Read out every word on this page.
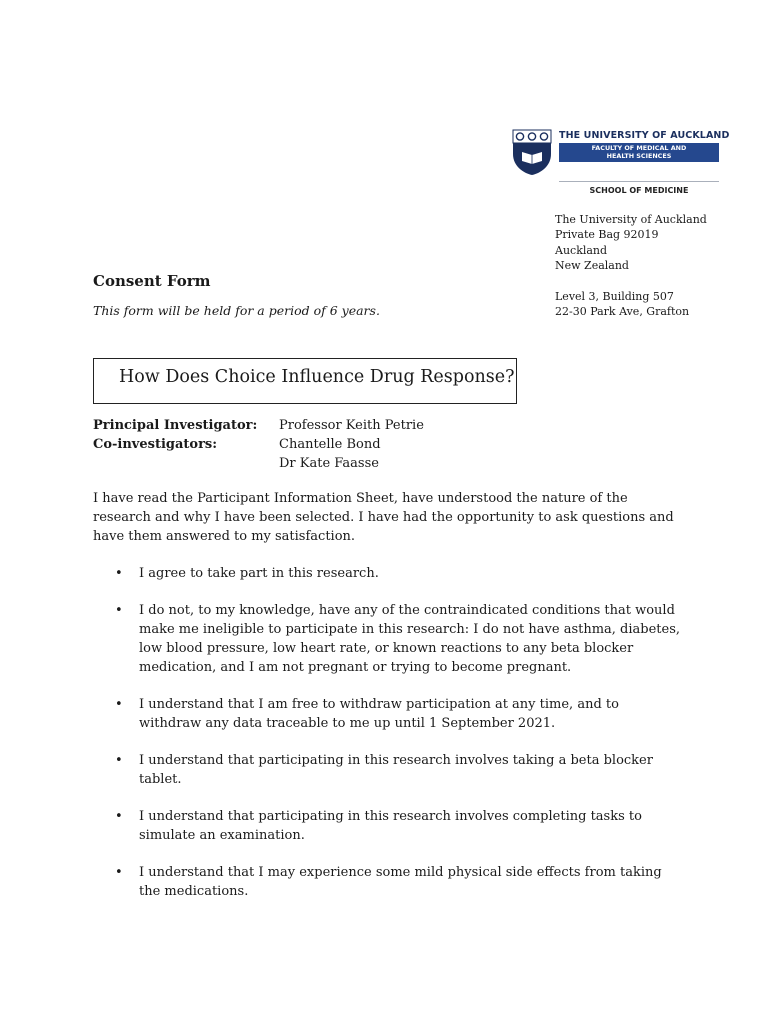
THE UNIVERSITY OF AUCKLAND
FACULTY OF MEDICAL AND
HEALTH SCIENCES
SCHOOL OF MEDICINE
The University of Auckland
Private Bag 92019
Auckland
New Zealand
Level 3, Building 507
22-30 Park Ave, Grafton
Consent Form
This form will be held for a period of 6 years.
How Does Choice Influence Drug Response?
Principal Investigator:	Professor Keith Petrie
Co-investigators:	Chantelle Bond
Dr Kate Faasse
I have read the Participant Information Sheet, have understood the nature of the research and why I have been selected. I have had the opportunity to ask questions and have them answered to my satisfaction.
• I agree to take part in this research.
• I do not, to my knowledge, have any of the contraindicated conditions that would make me ineligible to participate in this research: I do not have asthma, diabetes, low blood pressure, low heart rate, or known reactions to any beta blocker medication, and I am not pregnant or trying to become pregnant.
• I understand that I am free to withdraw participation at any time, and to withdraw any data traceable to me up until 1 September 2021.
• I understand that participating in this research involves taking a beta blocker tablet.
• I understand that participating in this research involves completing tasks to simulate an examination.
• I understand that I may experience some mild physical side effects from taking the medications.
